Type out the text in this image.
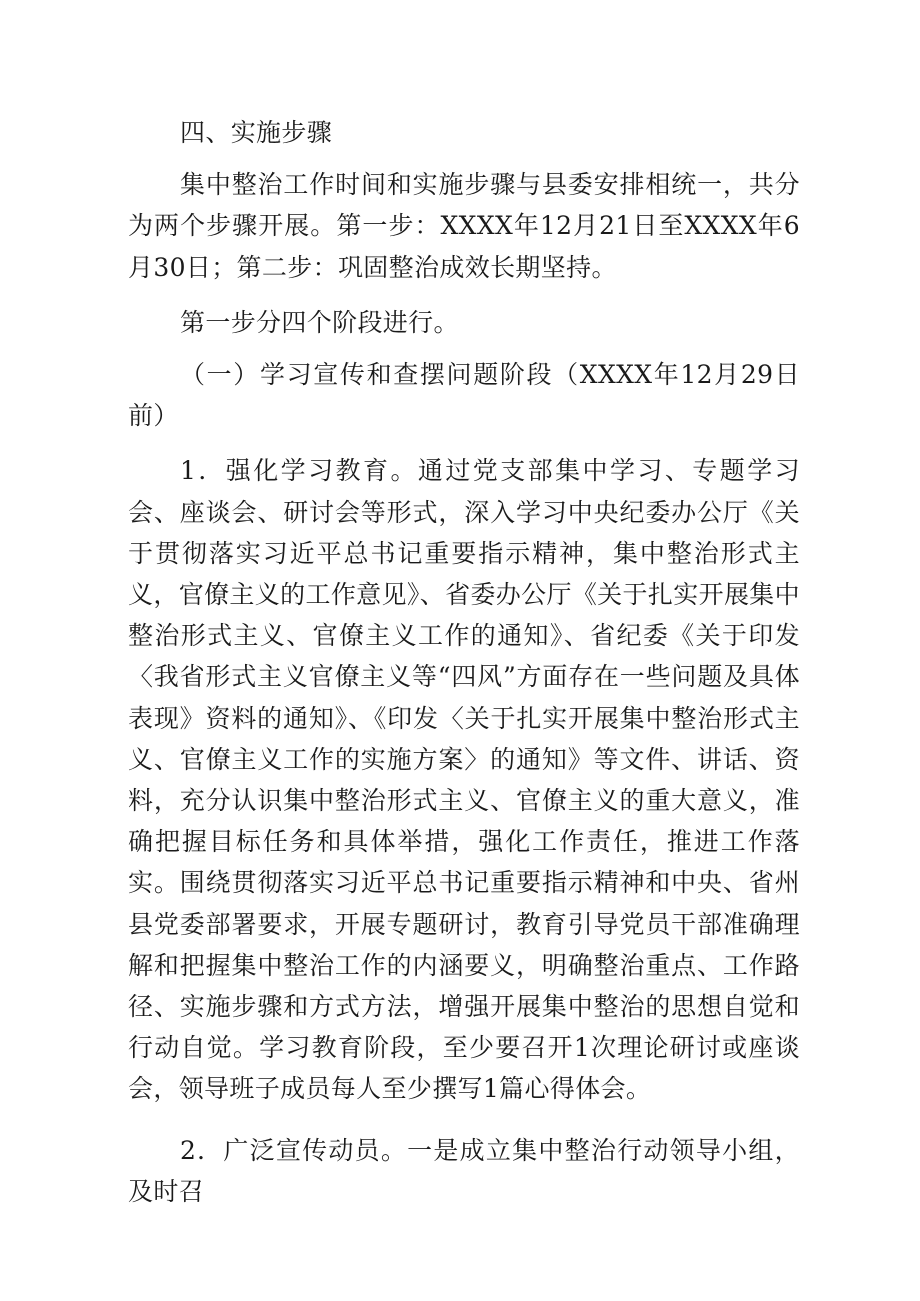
四、实施步骤

集中整治工作时间和实施步骤与县委安排相统一，共分为两个步骤开展。第一步：XXXX年12月21日至XXXX年6月30日；第二步：巩固整治成效长期坚持。

第一步分四个阶段进行。

（一）学习宣传和查摆问题阶段（XXXX年12月29日前）

1．强化学习教育。通过党支部集中学习、专题学习会、座谈会、研讨会等形式，深入学习中央纪委办公厅《关于贯彻落实习近平总书记重要指示精神，集中整治形式主义，官僚主义的工作意见》、省委办公厅《关于扎实开展集中整治形式主义、官僚主义工作的通知》、省纪委《关于印发〈我省形式主义官僚主义等“四风”方面存在一些问题及具体表现》资料的通知》、《印发〈关于扎实开展集中整治形式主义、官僚主义工作的实施方案〉的通知》等文件、讲话、资料，充分认识集中整治形式主义、官僚主义的重大意义，准确把握目标任务和具体举措，强化工作责任，推进工作落实。围绕贯彻落实习近平总书记重要指示精神和中央、省州县党委部署要求，开展专题研讨，教育引导党员干部准确理解和把握集中整治工作的内涵要义，明确整治重点、工作路径、实施步骤和方式方法，增强开展集中整治的思想自觉和行动自觉。学习教育阶段，至少要召开1次理论研讨或座谈会，领导班子成员每人至少撰写1篇心得体会。

2．广泛宣传动员。一是成立集中整治行动领导小组，及时召
